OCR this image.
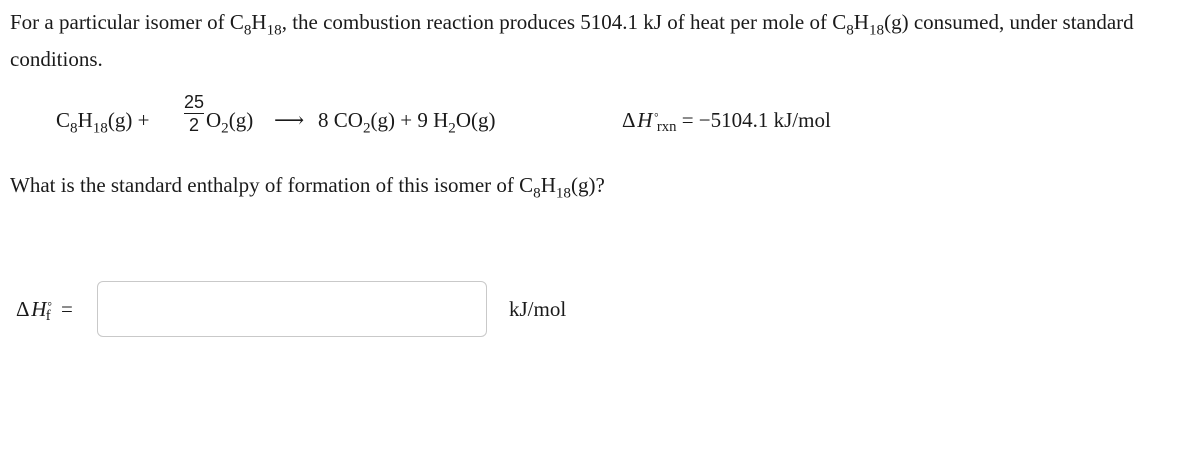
For a particular isomer of $C_8H_{18}$, the combustion reaction produces 5104.1 kJ of heat per mole of $C_8H_{18}(g)$ consumed, under standard conditions.
$C_8H_{18}(g)$ +
25
2 $O_2(g)$ ⟶ 8 $CO_2(g) + 9$ $H_2O(g)$	Δ H $_{^\circ rxn}$ = −5104.1 kJ/mol
What is the standard enthalpy of formation of this isomer of $C_8H_{18}(g)$?
Δ $H_{^\circ f}$ =	kJ/mol
